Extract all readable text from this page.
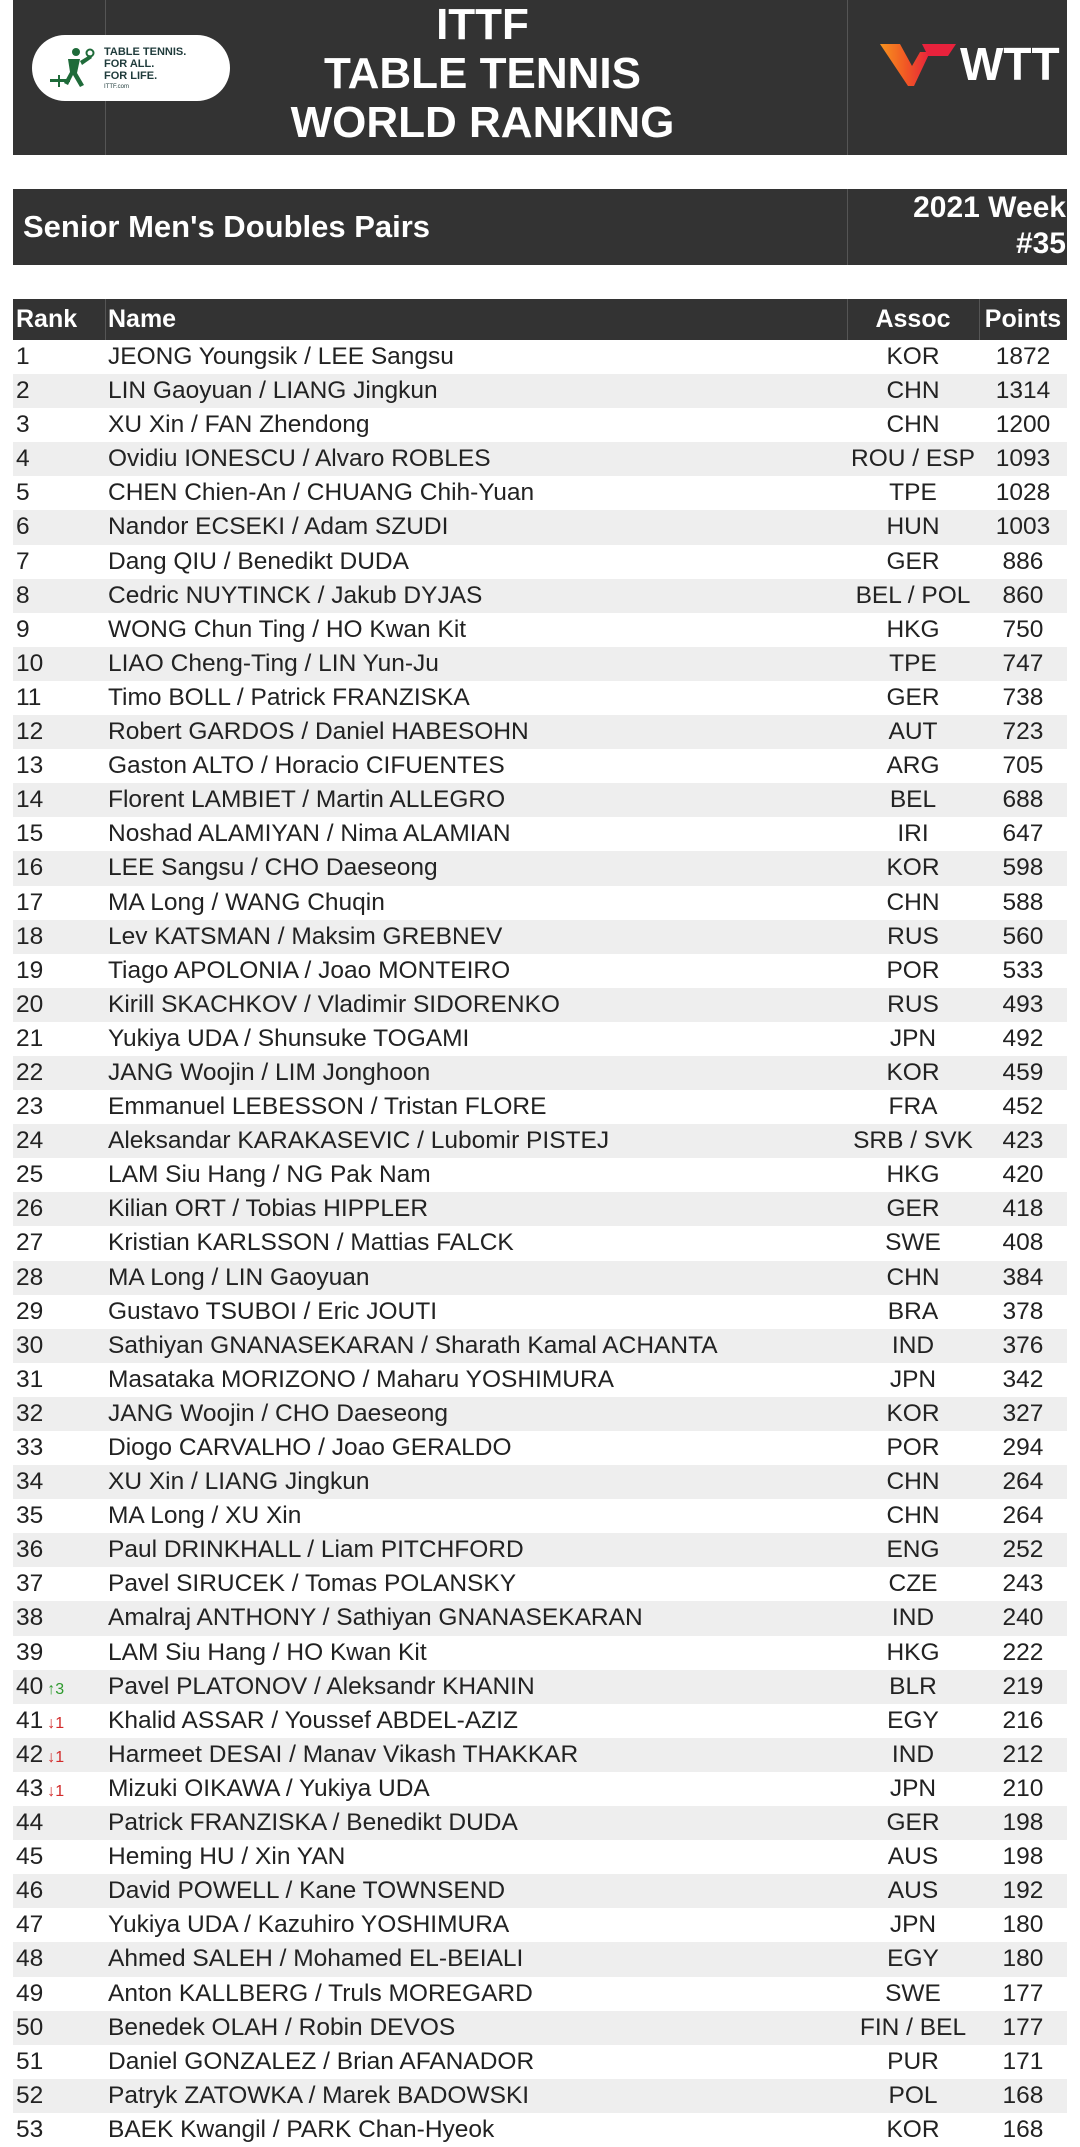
TABLE TENNIS.
FOR ALL.
FOR LIFE.
ITTF.com
ITTF
TABLE TENNIS
WORLD RANKING
WTT
Senior Men's Doubles Pairs
2021 Week
#35
Rank Name	Assoc	Points
1	JEONG Youngsik / LEE Sangsu	KOR	1872
2	LIN Gaoyuan / LIANG Jingkun	CHN	1314
3	XU Xin / FAN Zhendong	CHN	1200
4	Ovidiu IONESCU / Alvaro ROBLES	ROU / ESP 1093
5	CHEN Chien-An / CHUANG Chih-Yuan	TPE	1028
6	Nandor ECSEKI / Adam SZUDI	HUN	1003
7	Dang QIU / Benedikt DUDA	GER	886
8	Cedric NUYTINCK / Jakub DYJAS	BEL / POL	860
9	WONG Chun Ting / HO Kwan Kit	HKG	750
10	LIAO Cheng-Ting / LIN Yun-Ju	TPE	747
11	Timo BOLL / Patrick FRANZISKA	GER	738
12	Robert GARDOS / Daniel HABESOHN	AUT	723
13	Gaston ALTO / Horacio CIFUENTES	ARG	705
14	Florent LAMBIET / Martin ALLEGRO	BEL	688
15	Noshad ALAMIYAN / Nima ALAMIAN	IRI	647
16	LEE Sangsu / CHO Daeseong	KOR	598
17	MA Long / WANG Chuqin	CHN	588
18	Lev KATSMAN / Maksim GREBNEV	RUS	560
19	Tiago APOLONIA / Joao MONTEIRO	POR	533
20	Kirill SKACHKOV / Vladimir SIDORENKO	RUS	493
21	Yukiya UDA / Shunsuke TOGAMI	JPN	492
22	JANG Woojin / LIM Jonghoon	KOR	459
23	Emmanuel LEBESSON / Tristan FLORE	FRA	452
24	Aleksandar KARAKASEVIC / Lubomir PISTEJ	SRB / SVK	423
25	LAM Siu Hang / NG Pak Nam	HKG	420
26	Kilian ORT / Tobias HIPPLER	GER	418
27	Kristian KARLSSON / Mattias FALCK	SWE	408
28	MA Long / LIN Gaoyuan	CHN	384
29	Gustavo TSUBOI / Eric JOUTI	BRA	378
30	Sathiyan GNANASEKARAN / Sharath Kamal ACHANTA	IND	376
31	Masataka MORIZONO / Maharu YOSHIMURA	JPN	342
32	JANG Woojin / CHO Daeseong	KOR	327
33	Diogo CARVALHO / Joao GERALDO	POR	294
34	XU Xin / LIANG Jingkun	CHN	264
35	MA Long / XU Xin	CHN	264
36	Paul DRINKHALL / Liam PITCHFORD	ENG	252
37	Pavel SIRUCEK / Tomas POLANSKY	CZE	243
38	Amalraj ANTHONY / Sathiyan GNANASEKARAN	IND	240
39	LAM Siu Hang / HO Kwan Kit	HKG	222
40 ↑3 Pavel PLATONOV / Aleksandr KHANIN	BLR	219
41 ↓1 Khalid ASSAR / Youssef ABDEL-AZIZ	EGY	216
42 ↓1 Harmeet DESAI / Manav Vikash THAKKAR	IND	212
43 ↓1 Mizuki OIKAWA / Yukiya UDA	JPN	210
44	Patrick FRANZISKA / Benedikt DUDA	GER	198
45	Heming HU / Xin YAN	AUS	198
46	David POWELL / Kane TOWNSEND	AUS	192
47	Yukiya UDA / Kazuhiro YOSHIMURA	JPN	180
48	Ahmed SALEH / Mohamed EL-BEIALI	EGY	180
49	Anton KALLBERG / Truls MOREGARD	SWE	177
50	Benedek OLAH / Robin DEVOS	FIN / BEL	177
51	Daniel GONZALEZ / Brian AFANADOR	PUR	171
52	Patryk ZATOWKA / Marek BADOWSKI	POL	168
53	BAEK Kwangil / PARK Chan-Hyeok	KOR	168
